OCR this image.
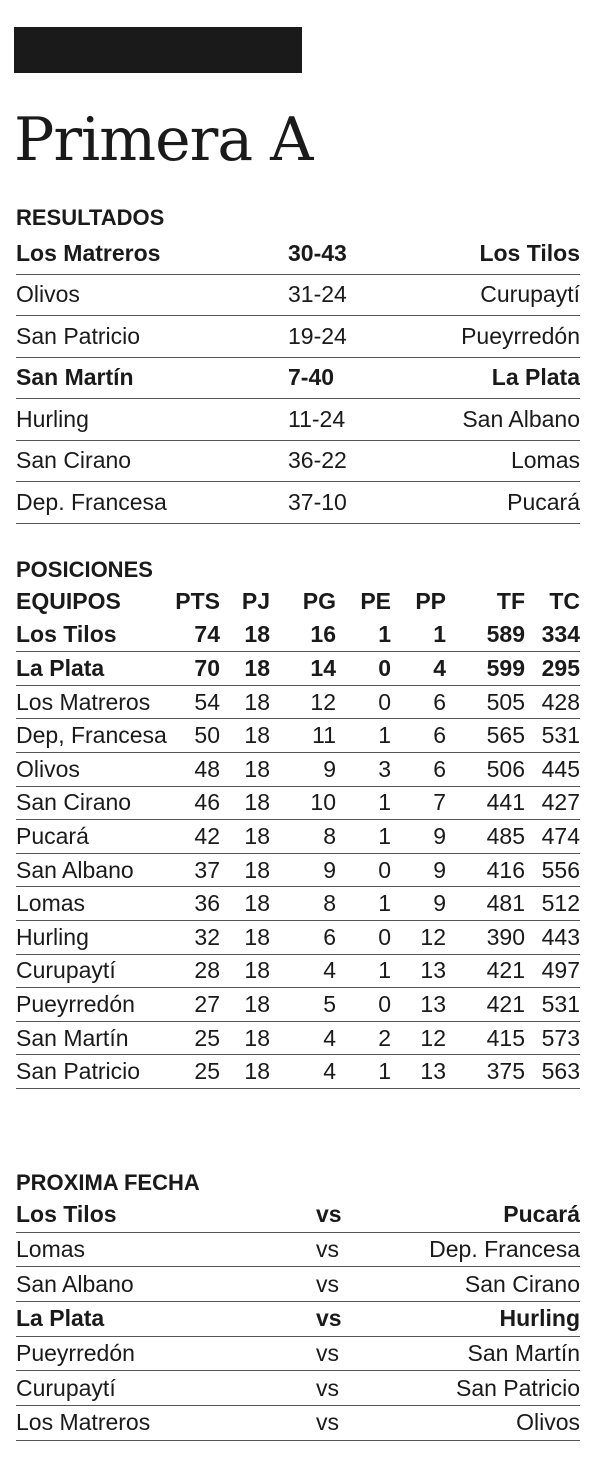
Primera A
RESULTADOS
Los Matreros	30-43	Los Tilos
Olivos	31-24	Curupaytí
San Patricio	19-24	Pueyrredón
San Martín	7-40	La Plata
Hurling	11-24	San Albano
San Cirano	36-22	Lomas
Dep. Francesa	37-10	Pucará
POSICIONES
EQUIPOS	PTS PJ	PG	PE	PP	TF	TC
Los Tilos	74	18	16	1	1	589 334
La Plata	70	18	14	0	4	599 295
Los Matreros	54	18	12	0	6	505 428
Dep, Francesa	50	18	11	1	6	565 531
Olivos	48	18	9	3	6	506 445
San Cirano	46	18	10	1	7	441 427
Pucará	42	18	8	1	9	485 474
San Albano	37	18	9	0	9	416 556
Lomas	36	18	8	1	9	481 512
Hurling	32	18	6	0	12	390 443
Curupaytí	28	18	4	1	13	421 497
Pueyrredón	27	18	5	0	13	421 531
San Martín	25	18	4	2	12	415 573
San Patricio	25	18	4	1	13	375 563
PROXIMA FECHA
Los Tilos	vs	Pucará
Lomas	vs	Dep. Francesa
San Albano	vs	San Cirano
La Plata	vs	Hurling
Pueyrredón	vs	San Martín
Curupaytí	vs	San Patricio
Los Matreros	vs	Olivos
